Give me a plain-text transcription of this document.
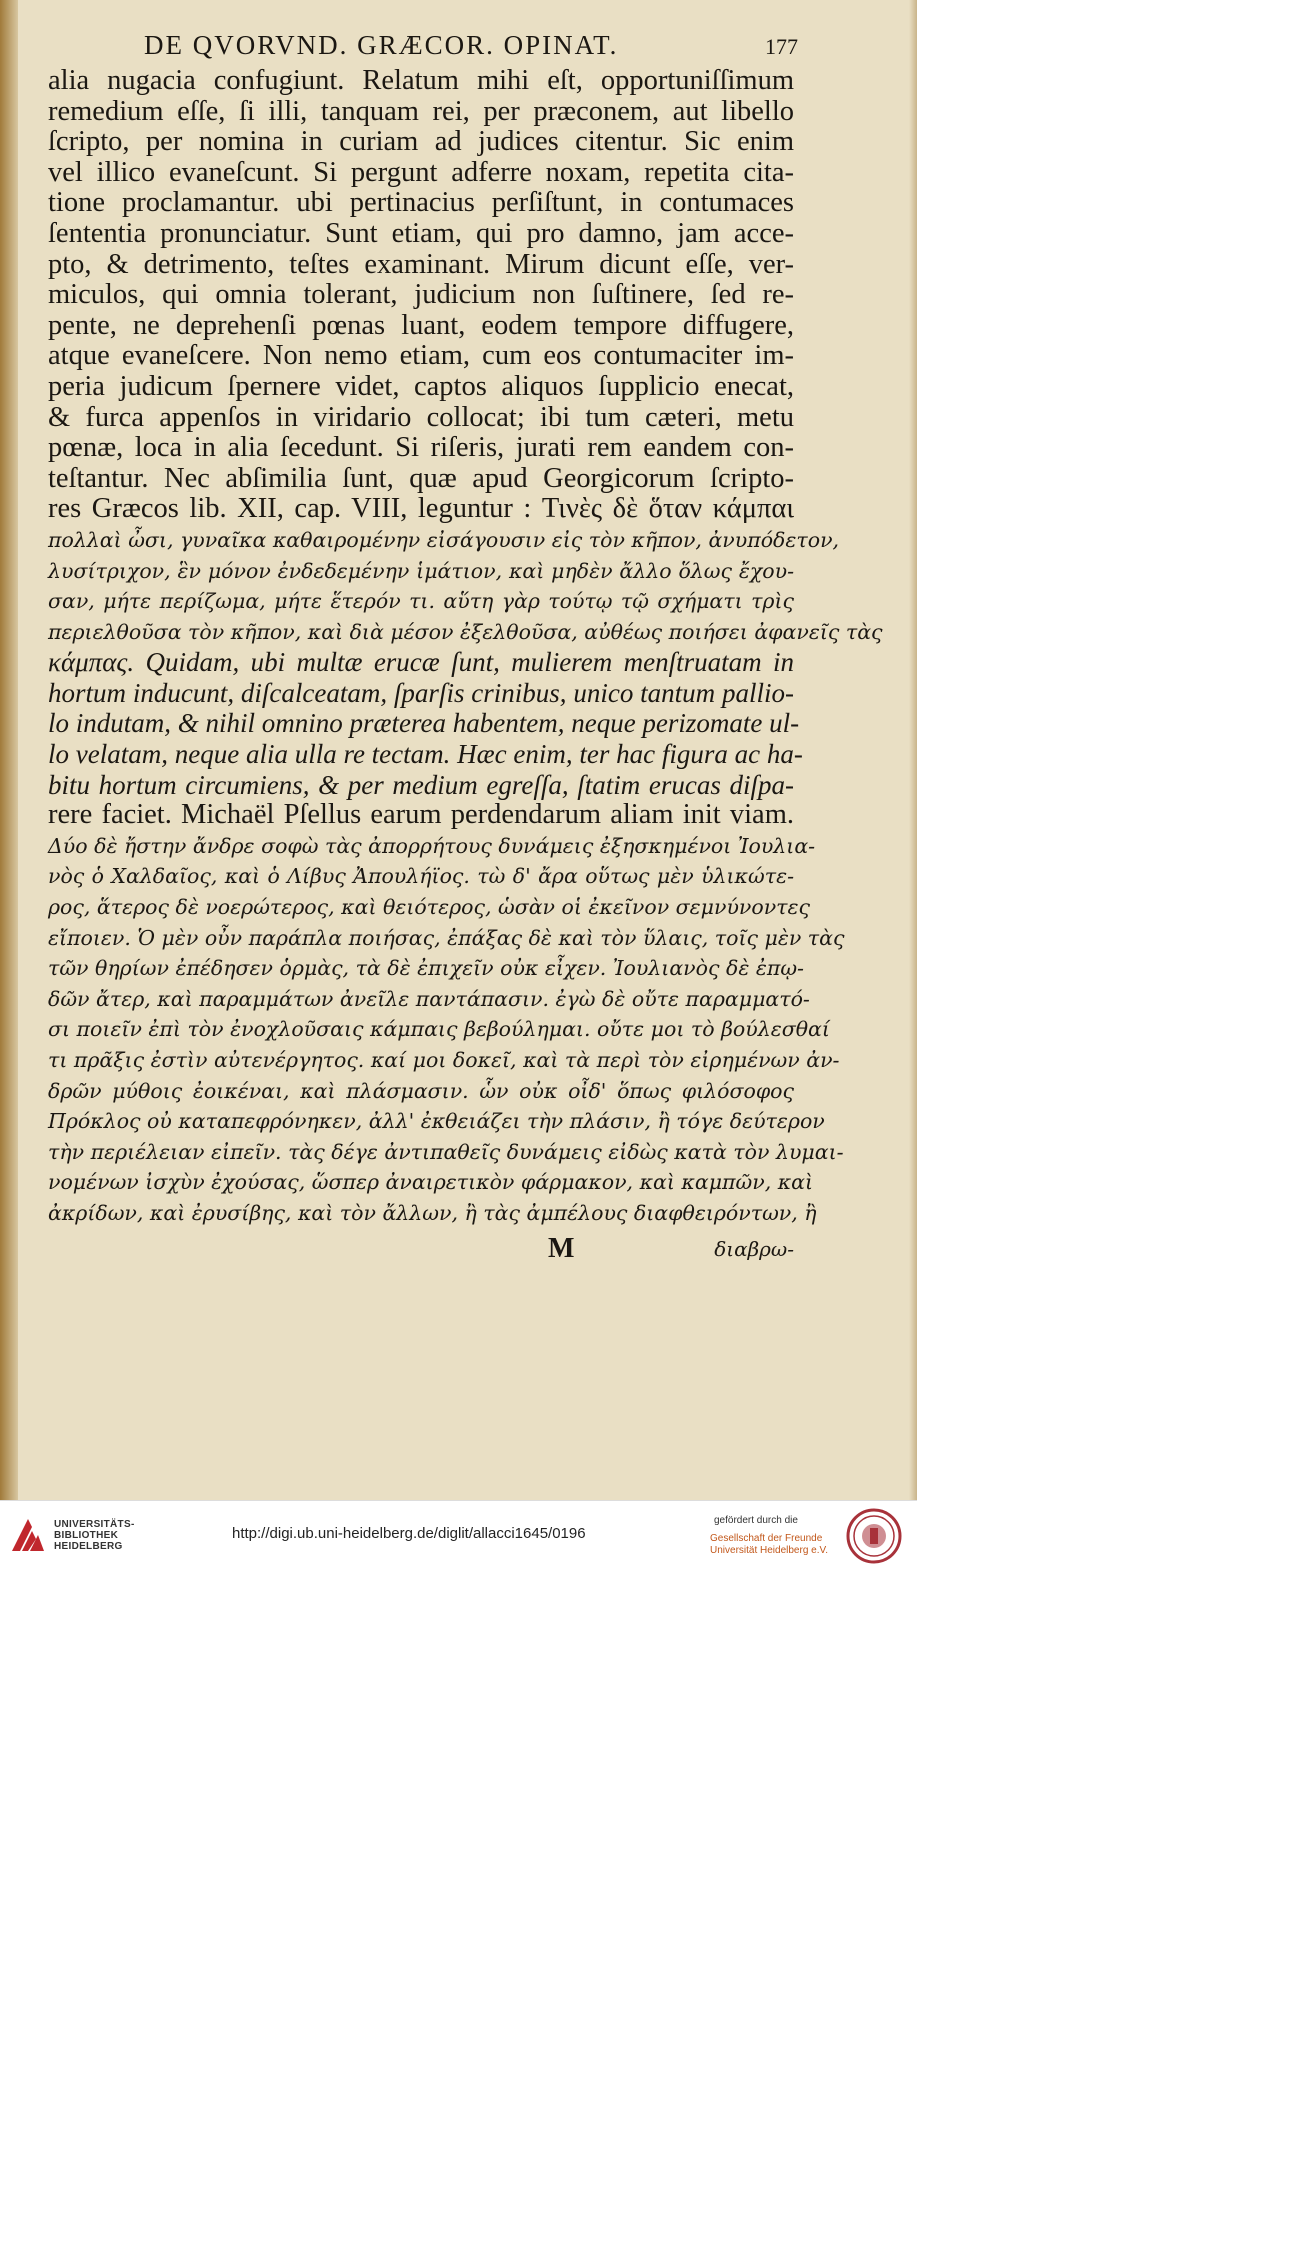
DE QVORVND. GRÆCOR. OPINAT.	177
alia nugacia confugiunt. Relatum mihi eſt, opportuniſſimum
remedium eſſe, ſi illi, tanquam rei, per præconem, aut libello
ſcripto, per nomina in curiam ad judices citentur. Sic enim
vel illico evaneſcunt. Si pergunt adferre noxam, repetita cita-
tione proclamantur. ubi pertinacius perſiſtunt, in contumaces
ſententia pronunciatur. Sunt etiam, qui pro damno, jam acce-
pto, & detrimento, teſtes examinant. Mirum dicunt eſſe, ver-
miculos, qui omnia tolerant, judicium non ſuſtinere, ſed re-
pente, ne deprehenſi pœnas luant, eodem tempore diffugere,
atque evaneſcere. Non nemo etiam, cum eos contumaciter im-
peria judicum ſpernere videt, captos aliquos ſupplicio enecat,
& furca appenſos in viridario collocat; ibi tum cæteri, metu
pœnæ, loca in alia ſecedunt. Si riſeris, jurati rem eandem con-
teſtantur. Nec abſimilia ſunt, quæ apud Georgicorum ſcripto-
res Græcos lib. XII, cap. VIII, leguntur : Τινὲς δὲ ὅταν κάμπαι
πολλαὶ ὦσι, γυναῖκα καθαιρομένην εἰσάγουσιν εἰς τὸν κῆπον, ἀνυπόδετον,
λυσίτριχον, ἓν μόνον ἐνδεδεμένην ἱμάτιον, καὶ μηδὲν ἄλλο ὅλως ἔχου-
σαν, μήτε περίζωμα, μήτε ἕτερόν τι. αὕτη γὰρ τούτῳ τῷ σχήματι τρὶς
περιελθοῦσα τὸν κῆπον, καὶ διὰ μέσον ἐξελθοῦσα, αὐθέως ποιήσει ἀφανεῖς τὰς
κάμπας. Quidam, ubi multæ erucæ ſunt, mulierem menſtruatam in
hortum inducunt, diſcalceatam, ſparſis crinibus, unico tantum pallio-
lo indutam, & nihil omnino præterea habentem, neque perizomate ul-
lo velatam, neque alia ulla re tectam. Hæc enim, ter hac figura ac ha-
bitu hortum circumiens, & per medium egreſſa, ſtatim erucas diſpa-
rere faciet. Michaël Pſellus earum perdendarum aliam init viam.
Δύο δὲ ἤστην ἄνδρε σοφὼ τὰς ἀπορρήτους δυνάμεις ἐξησκημένοι Ἰουλια-
νὸς ὁ Χαλδαῖος, καὶ ὁ Λίβυς Ἀπουλήϊος. τὼ δ' ἄρα οὕτως μὲν ὑλικώτε-
ρος, ἅτερος δὲ νοερώτερος, καὶ θειότερος, ὡσὰν οἱ ἐκεῖνον σεμνύνοντες
εἴποιεν. Ὁ μὲν οὖν παράπλα ποιήσας, ἐπάξας δὲ καὶ τὸν ὕλαις, τοῖς μὲν τὰς
τῶν θηρίων ἐπέδησεν ὁρμὰς, τὰ δὲ ἐπιχεῖν οὐκ εἶχεν. Ἰουλιανὸς δὲ ἐπῳ-
δῶν ἄτερ, καὶ παραμμάτων ἀνεῖλε παντάπασιν. ἐγὼ δὲ οὔτε παραμματό-
σι ποιεῖν ἐπὶ τὸν ἐνοχλοῦσαις κάμπαις βεβούλημαι. οὔτε μοι τὸ βούλεσθαί
τι πρᾶξις ἐστὶν αὐτενέργητος. καί μοι δοκεῖ, καὶ τὰ περὶ τὸν εἰρημένων ἀν-
δρῶν μύθοις ἐοικέναι, καὶ πλάσμασιν. ὧν οὐκ οἶδ' ὅπως φιλόσοφος
Πρόκλος οὐ καταπεφρόνηκεν, ἀλλ' ἐκθειάζει τὴν πλάσιν, ἢ τόγε δεύτερον
τὴν περιέλειαν εἰπεῖν. τὰς δέγε ἀντιπαθεῖς δυνάμεις εἰδὼς κατὰ τὸν λυμαι-
νομένων ἰσχὺν ἐχούσας, ὥσπερ ἀναιρετικὸν φάρμακον, καὶ καμπῶν, καὶ
ἀκρίδων, καὶ ἐρυσίβης, καὶ τὸν ἄλλων, ἢ τὰς ἀμπέλους διαφθειρόντων, ἢ
M	διαβρω-
UNIVERSITÄTS-
BIBLIOTHEK
HEIDELBERG
http://digi.ub.uni-heidelberg.de/diglit/allacci1645/0196
gefördert durch die
Gesellschaft der Freunde
Universität Heidelberg e.V.
